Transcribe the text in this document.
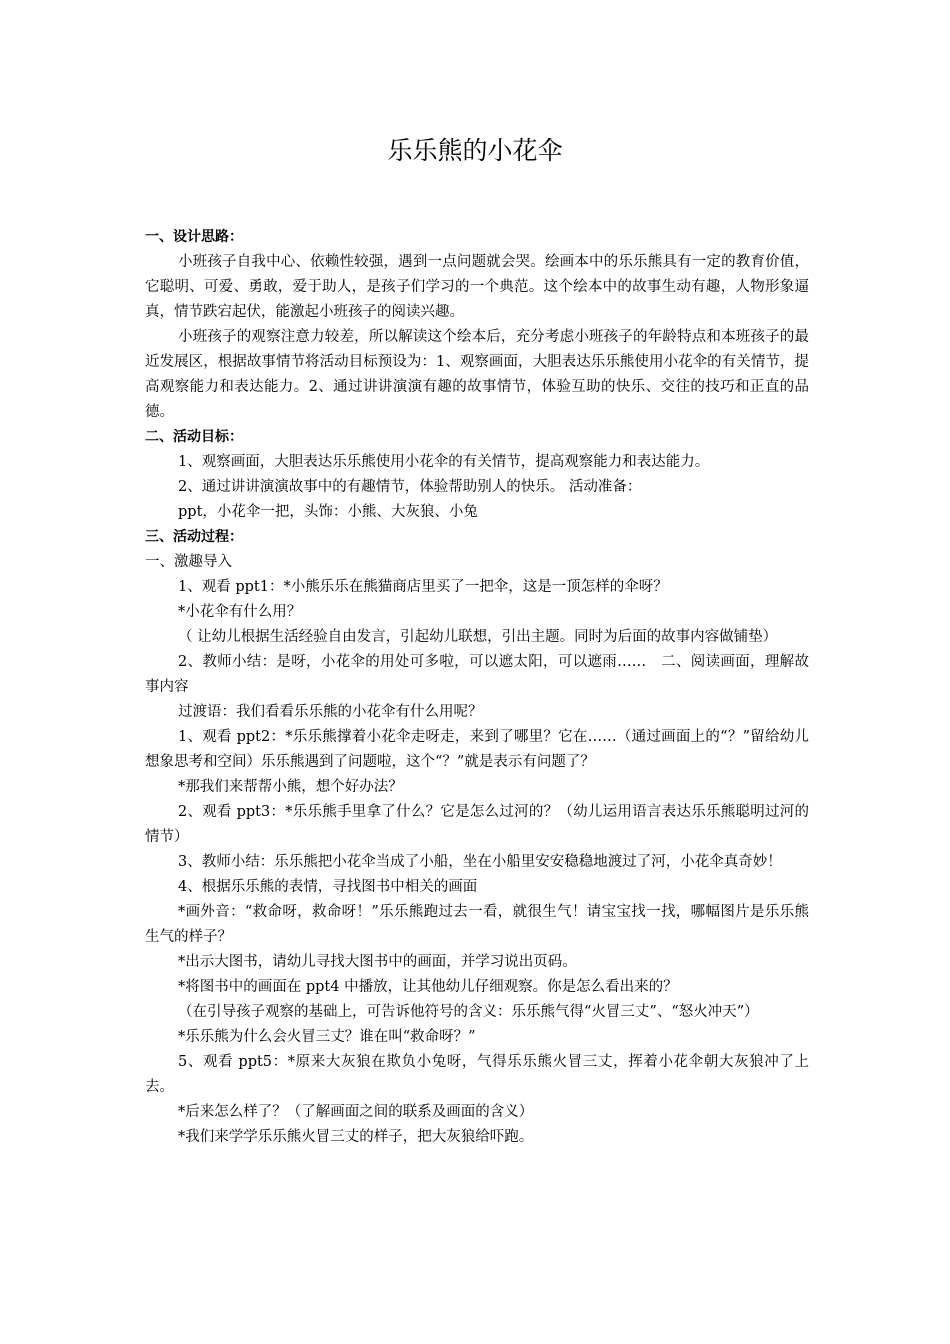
乐乐熊的小花伞

一、设计思路：

小班孩子自我中心、依赖性较强，遇到一点问题就会哭。绘画本中的乐乐熊具有一定的教育价值，它聪明、可爱、勇敢，爱于助人，是孩子们学习的一个典范。这个绘本中的故事生动有趣，人物形象逼真，情节跌宕起伏，能激起小班孩子的阅读兴趣。

小班孩子的观察注意力较差，所以解读这个绘本后，充分考虑小班孩子的年龄特点和本班孩子的最近发展区，根据故事情节将活动目标预设为：1、观察画面，大胆表达乐乐熊使用小花伞的有关情节，提高观察能力和表达能力。2、通过讲讲演演有趣的故事情节，体验互助的快乐、交往的技巧和正直的品德。

二、活动目标：

1、观察画面，大胆表达乐乐熊使用小花伞的有关情节，提高观察能力和表达能力。

2、通过讲讲演演故事中的有趣情节，体验帮助别人的快乐。 活动准备：

ppt，小花伞一把，头饰：小熊、大灰狼、小兔

三、活动过程：

一、激趣导入

1、观看 ppt1：*小熊乐乐在熊猫商店里买了一把伞，这是一顶怎样的伞呀？

*小花伞有什么用？

（ 让幼儿根据生活经验自由发言，引起幼儿联想，引出主题。同时为后面的故事内容做铺垫）

2、教师小结：是呀，小花伞的用处可多啦，可以遮太阳，可以遮雨……　二、阅读画面，理解故事内容

过渡语：我们看看乐乐熊的小花伞有什么用呢？

1、观看 ppt2：*乐乐熊撑着小花伞走呀走，来到了哪里？它在……（通过画面上的“？”留给幼儿想象思考和空间）乐乐熊遇到了问题啦，这个“？”就是表示有问题了？

*那我们来帮帮小熊，想个好办法？

2、观看 ppt3：*乐乐熊手里拿了什么？它是怎么过河的？（幼儿运用语言表达乐乐熊聪明过河的情节）

3、教师小结：乐乐熊把小花伞当成了小船，坐在小船里安安稳稳地渡过了河，小花伞真奇妙！

4、根据乐乐熊的表情，寻找图书中相关的画面

*画外音：“救命呀，救命呀！”乐乐熊跑过去一看，就很生气！请宝宝找一找，哪幅图片是乐乐熊生气的样子？

*出示大图书，请幼儿寻找大图书中的画面，并学习说出页码。

*将图书中的画面在 ppt4 中播放，让其他幼儿仔细观察。你是怎么看出来的？

（在引导孩子观察的基础上，可告诉他符号的含义：乐乐熊气得“火冒三丈”、“怒火冲天”）

*乐乐熊为什么会火冒三丈？谁在叫“救命呀？”

5、观看 ppt5：*原来大灰狼在欺负小兔呀，气得乐乐熊火冒三丈，挥着小花伞朝大灰狼冲了上去。

*后来怎么样了？（了解画面之间的联系及画面的含义）

*我们来学学乐乐熊火冒三丈的样子，把大灰狼给吓跑。
